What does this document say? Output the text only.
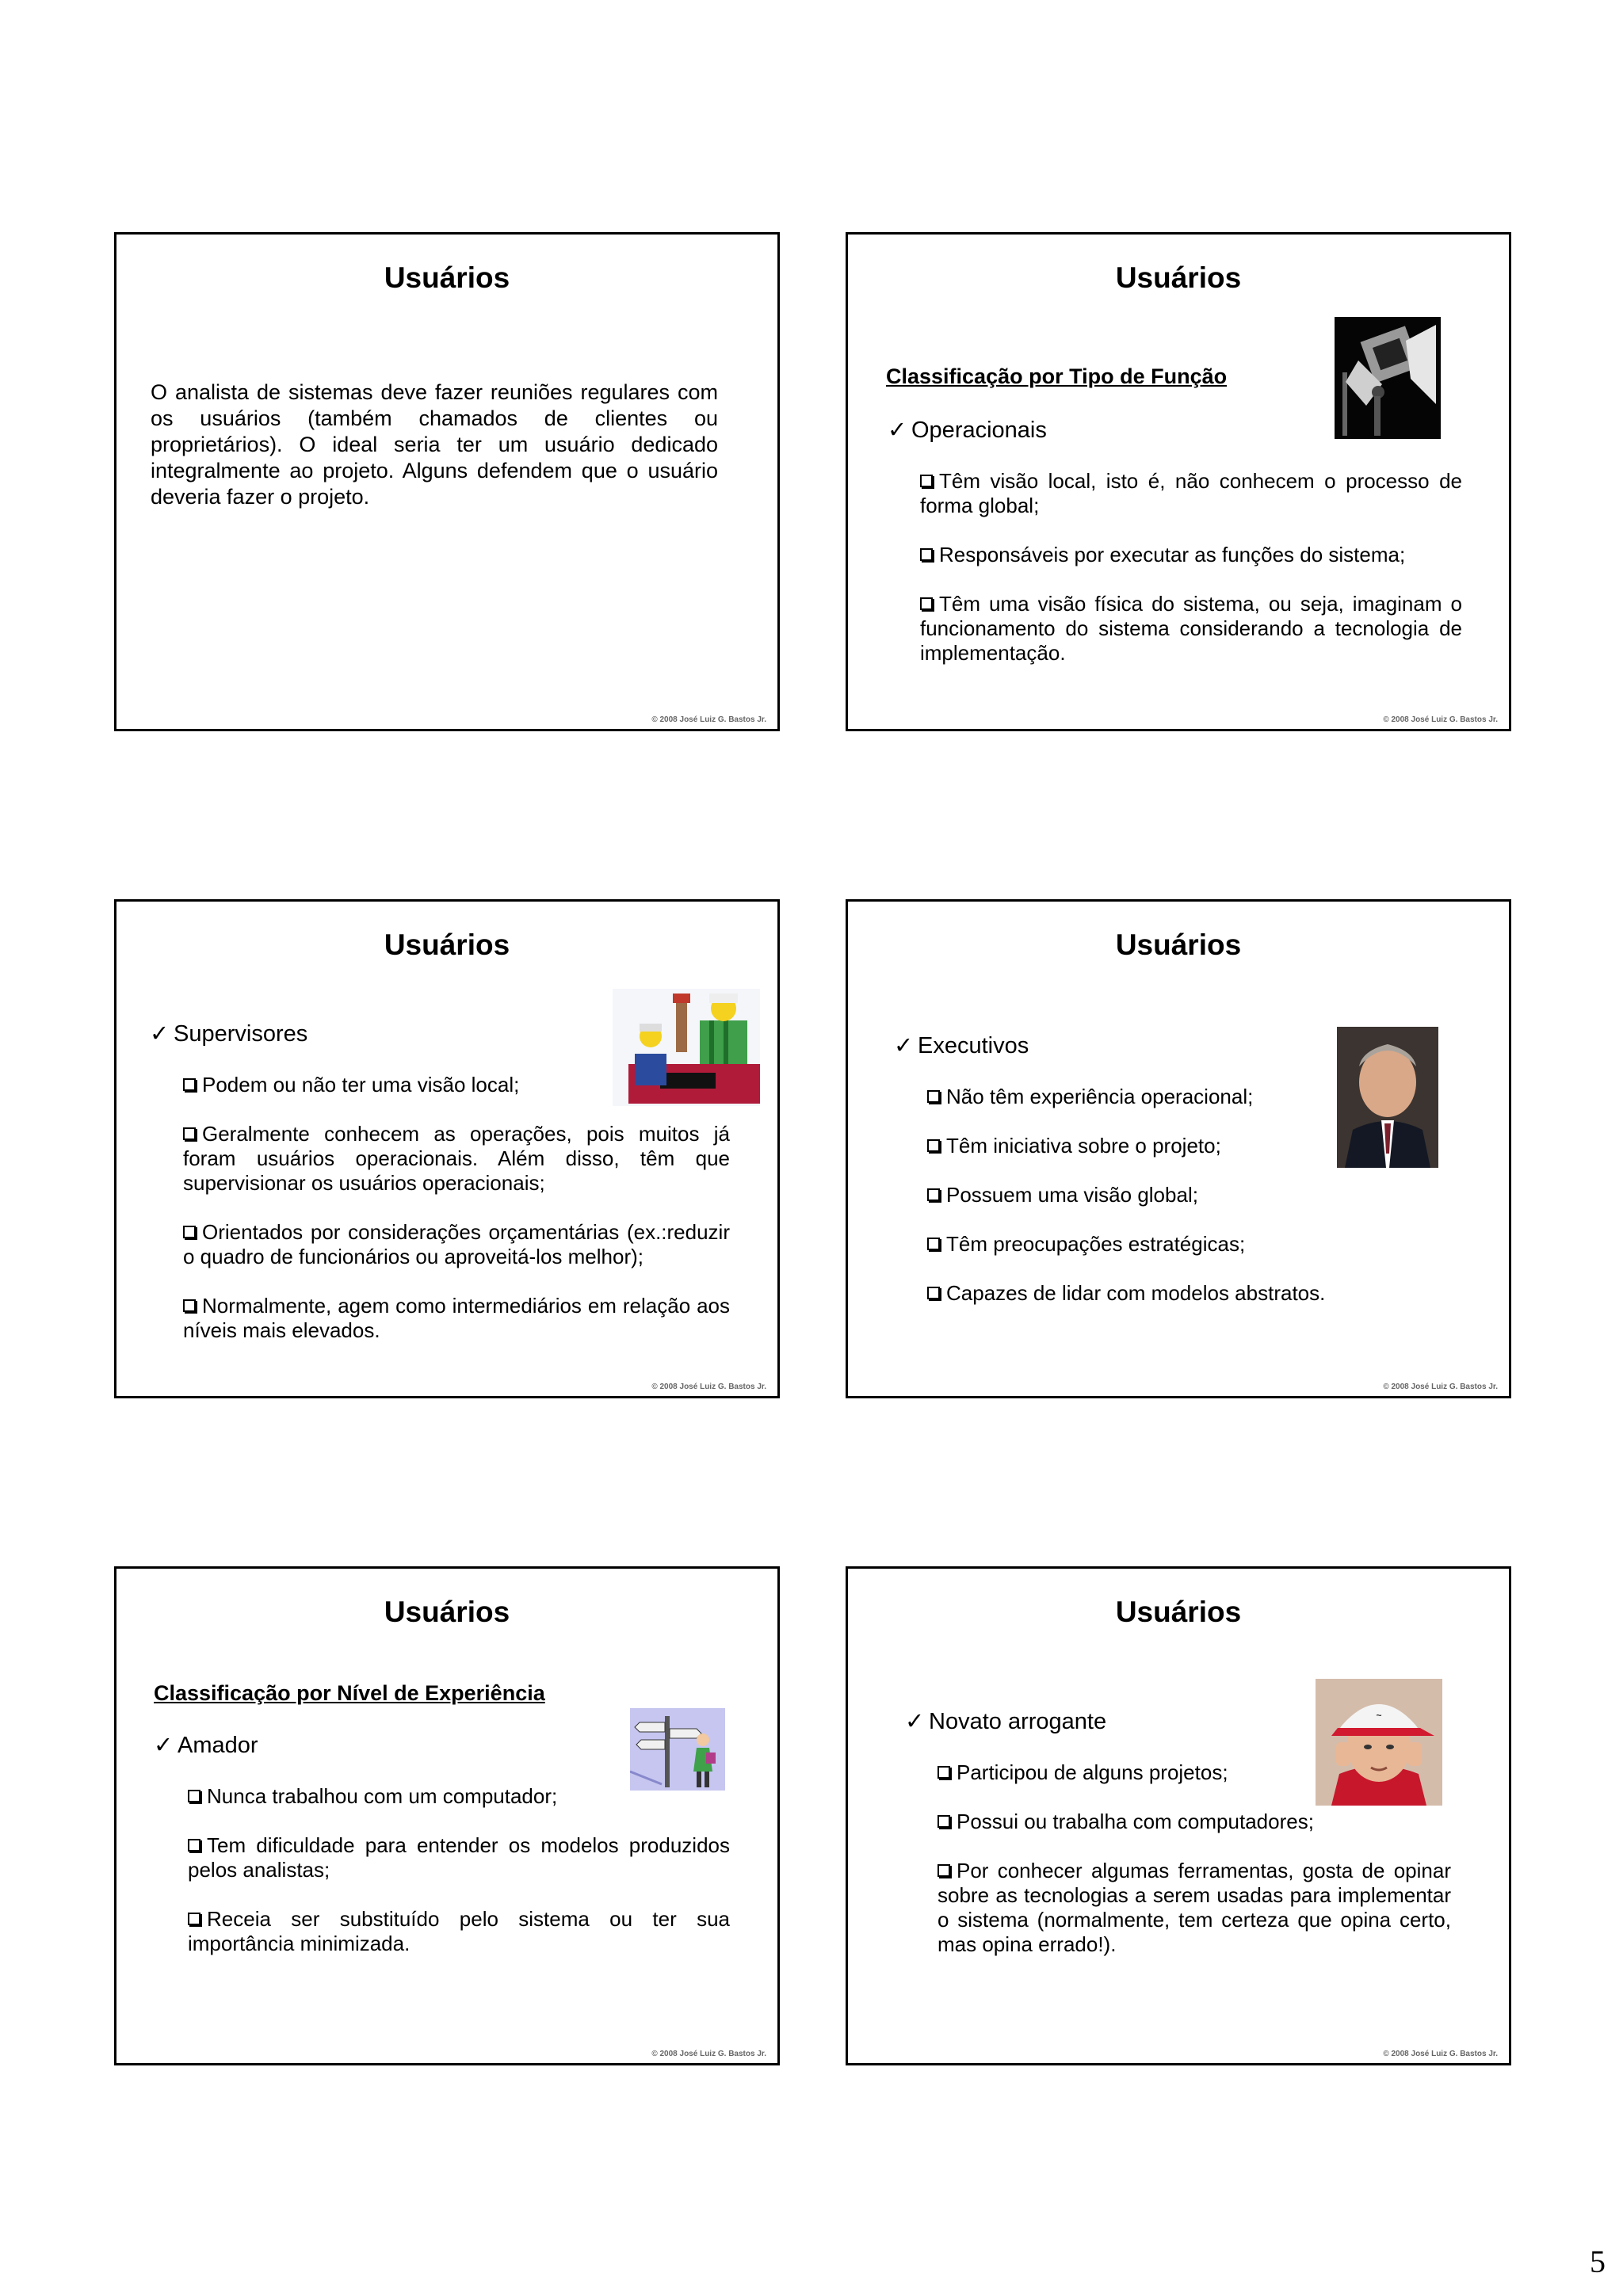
Usuários
O analista de sistemas deve fazer reuniões regulares com os usuários (também chamados de clientes ou proprietários). O ideal seria ter um usuário dedicado integralmente ao projeto. Alguns defendem que o usuário deveria fazer o projeto.
© 2008 José Luiz G. Bastos Jr.
Usuários
Classificação por Tipo de Função
✓ Operacionais
Têm visão local, isto é, não conhecem o processo de forma global;
Responsáveis por executar as funções do sistema;
Têm uma visão física do sistema, ou seja, imaginam o funcionamento do sistema considerando a tecnologia de implementação.
© 2008 José Luiz G. Bastos Jr.
Usuários
✓ Supervisores
Podem ou não ter uma visão local;
Geralmente conhecem as operações, pois muitos já foram usuários operacionais. Além disso, têm que supervisionar os usuários operacionais;
Orientados por considerações orçamentárias (ex.:reduzir o quadro de funcionários ou aproveitá-los melhor);
Normalmente, agem como intermediários em relação aos níveis mais elevados.
© 2008 José Luiz G. Bastos Jr.
Usuários
✓ Executivos
Não têm experiência operacional;
Têm iniciativa sobre o projeto;
Possuem uma visão global;
Têm preocupações estratégicas;
Capazes de lidar com modelos abstratos.
© 2008 José Luiz G. Bastos Jr.
Usuários
Classificação por Nível de Experiência
✓ Amador
Nunca trabalhou com um computador;
Tem dificuldade para entender os modelos produzidos pelos analistas;
Receia ser substituído pelo sistema ou ter sua importância minimizada.
© 2008 José Luiz G. Bastos Jr.
Usuários
~
✓ Novato arrogante
Participou de alguns projetos;
Possui ou trabalha com computadores;
Por conhecer algumas ferramentas, gosta de opinar sobre as tecnologias a serem usadas para implementar o sistema (normalmente, tem certeza que opina certo, mas opina errado!).
© 2008 José Luiz G. Bastos Jr.
5
